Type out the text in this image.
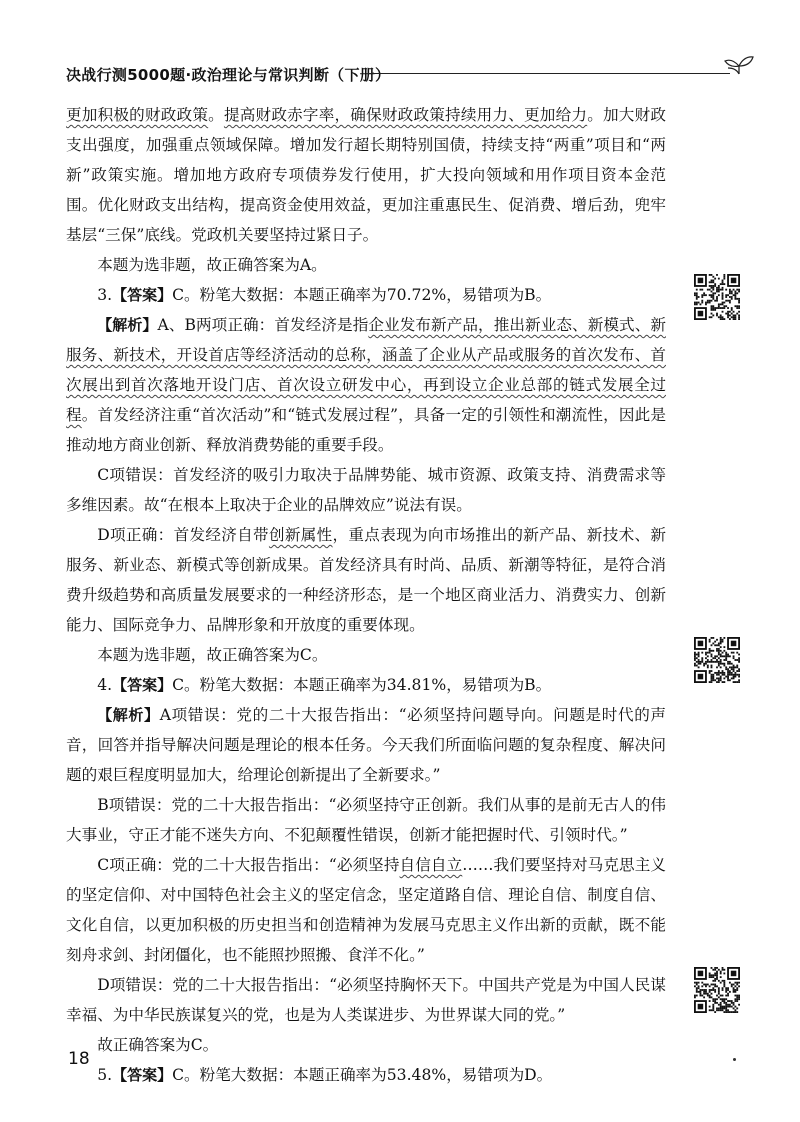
决战行测5000题·政治理论与常识判断（下册）

更加积极的财政政策。提高财政赤字率，确保财政政策持续用力、更加给力。加大财政支出强度，加强重点领域保障。增加发行超长期特别国债，持续支持“两重”项目和“两新”政策实施。增加地方政府专项债券发行使用，扩大投向领域和用作项目资本金范围。优化财政支出结构，提高资金使用效益，更加注重惠民生、促消费、增后劲，兜牢基层“三保”底线。党政机关要坚持过紧日子。

本题为选非题，故正确答案为A。

3.【答案】C。粉笔大数据：本题正确率为70.72%，易错项为B。

【解析】A、B两项正确：首发经济是指企业发布新产品，推出新业态、新模式、新服务、新技术，开设首店等经济活动的总称，涵盖了企业从产品或服务的首次发布、首次展出到首次落地开设门店、首次设立研发中心，再到设立企业总部的链式发展全过程。首发经济注重“首次活动”和“链式发展过程”，具备一定的引领性和潮流性，因此是推动地方商业创新、释放消费势能的重要手段。

C项错误：首发经济的吸引力取决于品牌势能、城市资源、政策支持、消费需求等多维因素。故“在根本上取决于企业的品牌效应”说法有误。

D项正确：首发经济自带创新属性，重点表现为向市场推出的新产品、新技术、新服务、新业态、新模式等创新成果。首发经济具有时尚、品质、新潮等特征，是符合消费升级趋势和高质量发展要求的一种经济形态，是一个地区商业活力、消费实力、创新能力、国际竞争力、品牌形象和开放度的重要体现。

本题为选非题，故正确答案为C。

4.【答案】C。粉笔大数据：本题正确率为34.81%，易错项为B。

【解析】A项错误：党的二十大报告指出：“必须坚持问题导向。问题是时代的声音，回答并指导解决问题是理论的根本任务。今天我们所面临问题的复杂程度、解决问题的艰巨程度明显加大，给理论创新提出了全新要求。”

B项错误：党的二十大报告指出：“必须坚持守正创新。我们从事的是前无古人的伟大事业，守正才能不迷失方向、不犯颠覆性错误，创新才能把握时代、引领时代。”

C项正确：党的二十大报告指出：“必须坚持自信自立……我们要坚持对马克思主义的坚定信仰、对中国特色社会主义的坚定信念，坚定道路自信、理论自信、制度自信、文化自信，以更加积极的历史担当和创造精神为发展马克思主义作出新的贡献，既不能刻舟求剑、封闭僵化，也不能照抄照搬、食洋不化。”

D项错误：党的二十大报告指出：“必须坚持胸怀天下。中国共产党是为中国人民谋幸福、为中华民族谋复兴的党，也是为人类谋进步、为世界谋大同的党。”

故正确答案为C。

5.【答案】C。粉笔大数据：本题正确率为53.48%，易错项为D。

18
